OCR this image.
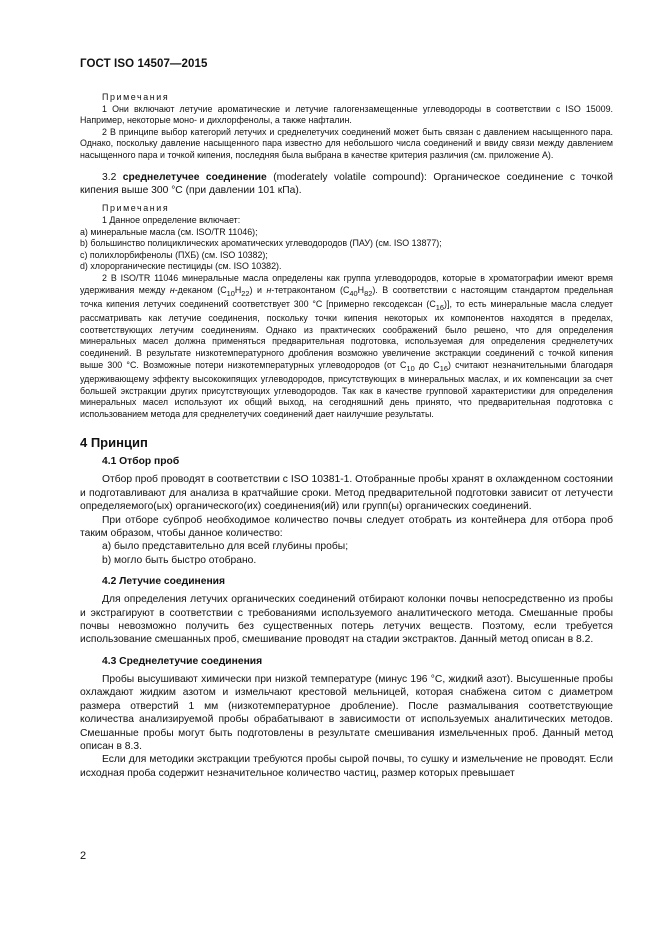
ГОСТ ISO 14507—2015

Примечания

1 Они включают летучие ароматические и летучие галогензамещенные углеводороды в соответствии с ISO 15009. Например, некоторые моно- и дихлорфенолы, а также нафталин.

2 В принципе выбор категорий летучих и среднелетучих соединений может быть связан с давлением насыщенного пара. Однако, поскольку давление насыщенного пара известно для небольшого числа соединений и ввиду связи между давлением насыщенного пара и точкой кипения, последняя была выбрана в качестве критерия различия (см. приложение А).

3.2 среднелетучее соединение (moderately volatile compound): Органическое соединение с точкой кипения выше 300 °С (при давлении 101 кПа).

Примечания

1 Данное определение включает:

а) минеральные масла (см. ISO/TR 11046);

b) большинство полициклических ароматических углеводородов (ПАУ) (см. ISO 13877);

с) полихлорбифенолы (ПХБ) (см. ISO 10382);

d) хлорорганические пестициды (см. ISO 10382).

2 В ISO/TR 11046 минеральные масла определены как группа углеводородов, которые в хроматографии имеют время удерживания между н-деканом $(С_{10}Н_{22})$ и н-тетраконтаном $(С_{40}Н_{82})$. В соответствии с настоящим стандартом предельная точка кипения летучих соединений соответствует 300 °С [примерно гексодексан $(С_{16})$], то есть минеральные масла следует рассматривать как летучие соединения, поскольку точки кипения некоторых их компонентов находятся в пределах, соответствующих летучим соединениям. Однако из практических соображений было решено, что для определения минеральных масел должна применяться предварительная подготовка, используемая для определения среднелетучих соединений. В результате низкотемпературного дробления возможно увеличение экстракции соединений с точкой кипения выше 300 °С. Возможные потери низкотемпературных углеводородов (от $С_{10}$ до $С_{16}$) считают незначительными благодаря удерживающему эффекту высококипящих углеводородов, присутствующих в минеральных маслах, и их компенсации за счет большей экстракции других присутствующих углеводородов. Так как в качестве групповой характеристики для определения минеральных масел используют их общий выход, на сегодняшний день принято, что предварительная подготовка с использованием метода для среднелетучих соединений дает наилучшие результаты.

4 Принцип
4.1 Отбор проб

Отбор проб проводят в соответствии с ISO 10381-1. Отобранные пробы хранят в охлажденном состоянии и подготавливают для анализа в кратчайшие сроки. Метод предварительной подготовки зависит от летучести определяемого(ых) органического(их) соединения(ий) или групп(ы) органических соединений.

При отборе субпроб необходимое количество почвы следует отобрать из контейнера для отбора проб таким образом, чтобы данное количество:

а) было представительно для всей глубины пробы;

b) могло быть быстро отобрано.

4.2 Летучие соединения

Для определения летучих органических соединений отбирают колонки почвы непосредственно из пробы и экстрагируют в соответствии с требованиями используемого аналитического метода. Смешанные пробы почвы невозможно получить без существенных потерь летучих веществ. Поэтому, если требуется использование смешанных проб, смешивание проводят на стадии экстрактов. Данный метод описан в 8.2.

4.3 Среднелетучие соединения

Пробы высушивают химически при низкой температуре (минус 196 °С, жидкий азот). Высушенные пробы охлаждают жидким азотом и измельчают крестовой мельницей, которая снабжена ситом с диаметром размера отверстий 1 мм (низкотемпературное дробление). После размалывания соответствующие количества анализируемой пробы обрабатывают в зависимости от используемых аналитических методов. Смешанные пробы могут быть подготовлены в результате смешивания измельченных проб. Данный метод описан в 8.3.

Если для методики экстракции требуются пробы сырой почвы, то сушку и измельчение не проводят. Если исходная проба содержит незначительное количество частиц, размер которых превышает

2
